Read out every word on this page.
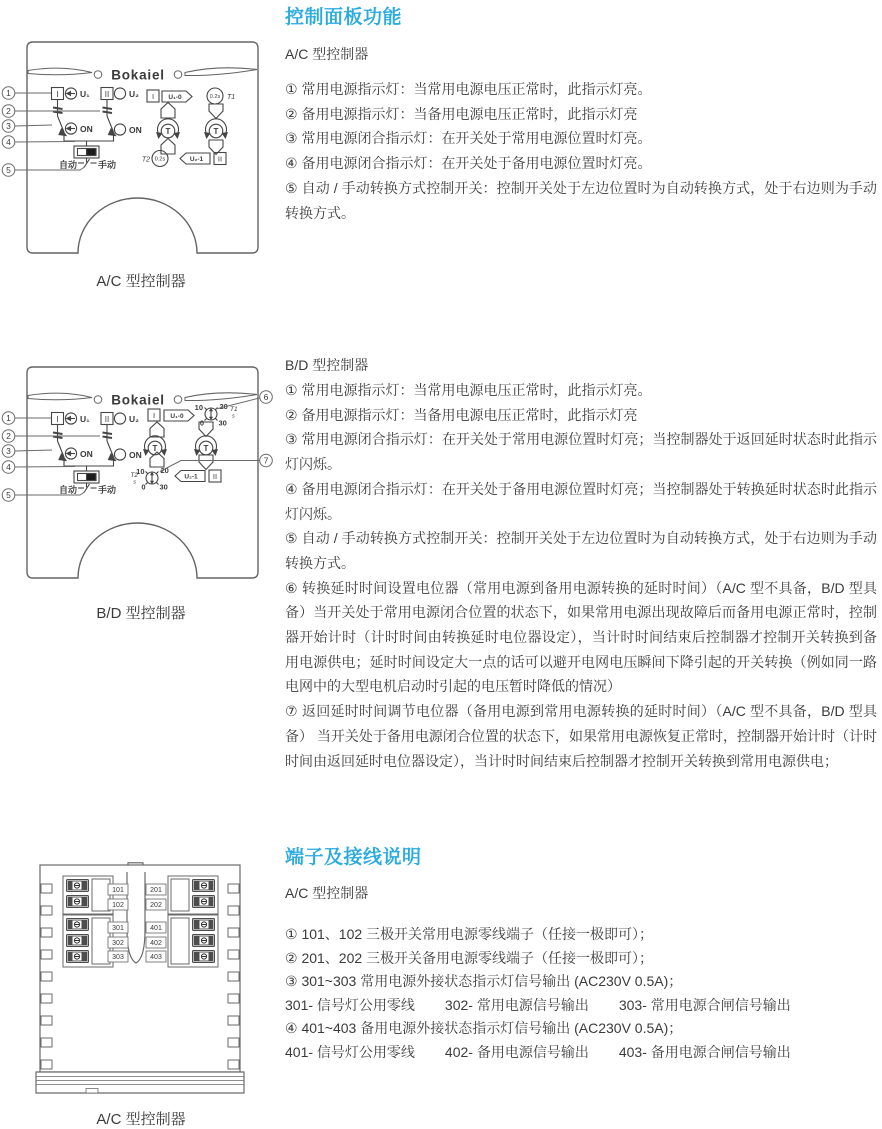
Bokaiel
I	II
U₁	U₂
ON	ON
自动 手动
I U₁-0	0.2s T1
T	T
T2 0.2s	U₂-1 II
1
2
3
4
5
A/C 型控制器
控制面板功能
A/C 型控制器

① 常用电源指示灯：当常用电源电压正常时，此指示灯亮。

② 备用电源指示灯：当备用电源电压正常时，此指示灯亮

③ 常用电源闭合指示灯：在开关处于常用电源位置时灯亮。

④ 备用电源闭合指示灯：在开关处于备用电源位置时灯亮。

⑤ 自动 / 手动转换方式控制开关：控制开关处于左边位置时为自动转换方式，处于右边则为手动转换方式。

Bokaiel
I	II
U₁	U₂
ON	ON
自动 手动
I U₁-0
10 20
0 30
T1
s
T	T
10 20
0 30
T2
s
U₂-1 II
1
2
3
4
5
6
7
B/D 型控制器
B/D 型控制器

① 常用电源指示灯：当常用电源电压正常时，此指示灯亮。

② 备用电源指示灯：当备用电源电压正常时，此指示灯亮

③ 常用电源闭合指示灯：在开关处于常用电源位置时灯亮；当控制器处于返回延时状态时此指示灯闪烁。

④ 备用电源闭合指示灯：在开关处于备用电源位置时灯亮；当控制器处于转换延时状态时此指示灯闪烁。

⑤ 自动 / 手动转换方式控制开关：控制开关处于左边位置时为自动转换方式，处于右边则为手动转换方式。

⑥ 转换延时时间设置电位器（常用电源到备用电源转换的延时时间）（A/C 型不具备，B/D 型具备）当开关处于常用电源闭合位置的状态下，如果常用电源出现故障后而备用电源正常时，控制器开始计时（计时时间由转换延时电位器设定），当计时时间结束后控制器才控制开关转换到备用电源供电；延时时间设定大一点的话可以避开电网电压瞬间下降引起的开关转换（例如同一路电网中的大型电机启动时引起的电压暂时降低的情况）

⑦ 返回延时时间调节电位器（备用电源到常用电源转换的延时时间）（A/C 型不具备，B/D 型具备） 当开关处于备用电源闭合位置的状态下，如果常用电源恢复正常时，控制器开始计时（计时时间由返回延时电位器设定），当计时时间结束后控制器才控制开关转换到常用电源供电；

101
102
301
302
303
201
202
401
402
403
A/C 型控制器
端子及接线说明
A/C 型控制器

① 101、102 三极开关常用电源零线端子（任接一极即可）；

② 201、202 三极开关备用电源零线端子（任接一极即可）；

③ 301~303 常用电源外接状态指示灯信号输出 (AC230V 0.5A)；

301- 信号灯公用零线 302- 常用电源信号输出 303- 常用电源合闸信号输出

④ 401~403 备用电源外接状态指示灯信号输出 (AC230V 0.5A)；

401- 信号灯公用零线 402- 备用电源信号输出 403- 备用电源合闸信号输出
